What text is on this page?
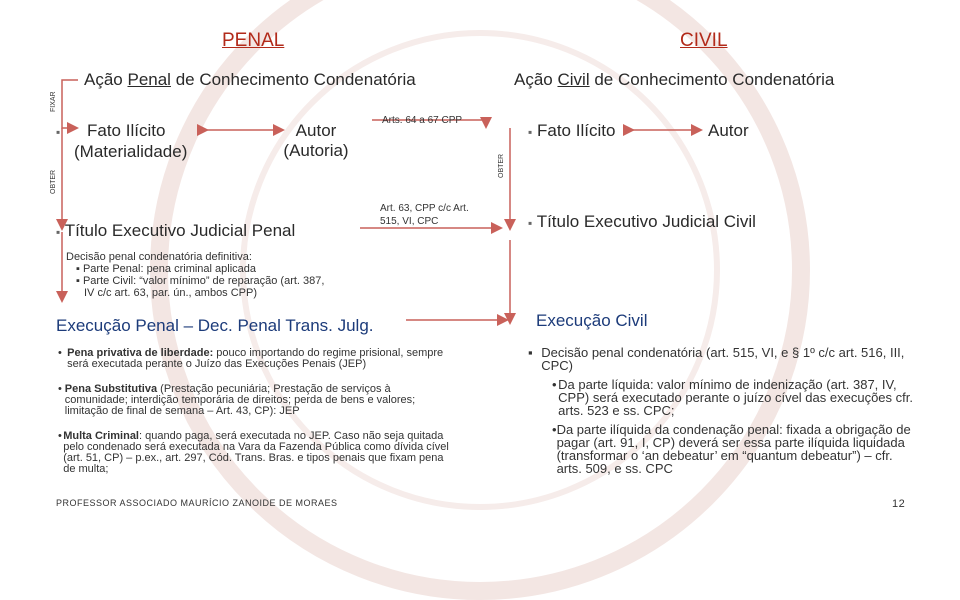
PENAL	CIVIL
Ação Penal de Conhecimento Condenatória	Ação Civil de Conhecimento Condenatória
FIXAR
OBTER
OBTER
▪ Fato Ilícito
(Materialidade)
Autor
(Autoria)
Arts. 64 a 67 CPP
Art. 63, CPP c/c Art. 515, VI, CPC
▪ Título Executivo Judicial Penal
Decisão penal condenatória definitiva:
▪ Parte Penal: pena criminal aplicada
▪ Parte Civil: “valor mínimo” de reparação (art. 387, IV c/c art. 63, par. ún., ambos CPP)
Execução Penal – Dec. Penal Trans. Julg.
• Pena privativa de liberdade: pouco importando do regime prisional, sempre será executada perante o Juízo das Execuções Penais (JEP)
• Pena Substitutiva (Prestação pecuniária; Prestação de serviços à comunidade; interdição temporária de direitos; perda de bens e valores; limitação de final de semana – Art. 43, CP): JEP
• Multa Criminal: quando paga, será executada no JEP. Caso não seja quitada pelo condenado será executada na Vara da Fazenda Pública como dívida cível (art. 51, CP) – p.ex., art. 297, Cód. Trans. Bras. e tipos penais que fixam pena de multa;
▪ Fato Ilícito	Autor
▪ Título Executivo Judicial Civil
Execução Civil
▪ Decisão penal condenatória (art. 515, VI, e § 1º c/c art. 516, III, CPC)
• Da parte líquida: valor mínimo de indenização (art. 387, IV, CPP) será executado perante o juízo cível das execuções cfr. arts. 523 e ss. CPC;
• Da parte ilíquida da condenação penal: fixada a obrigação de pagar (art. 91, I, CP) deverá ser essa parte ilíquida liquidada (transformar o ‘an debeatur’ em “quantum debeatur”) – cfr. arts. 509, e ss. CPC
PROFESSOR ASSOCIADO MAURÍCIO ZANOIDE DE MORAES	12
